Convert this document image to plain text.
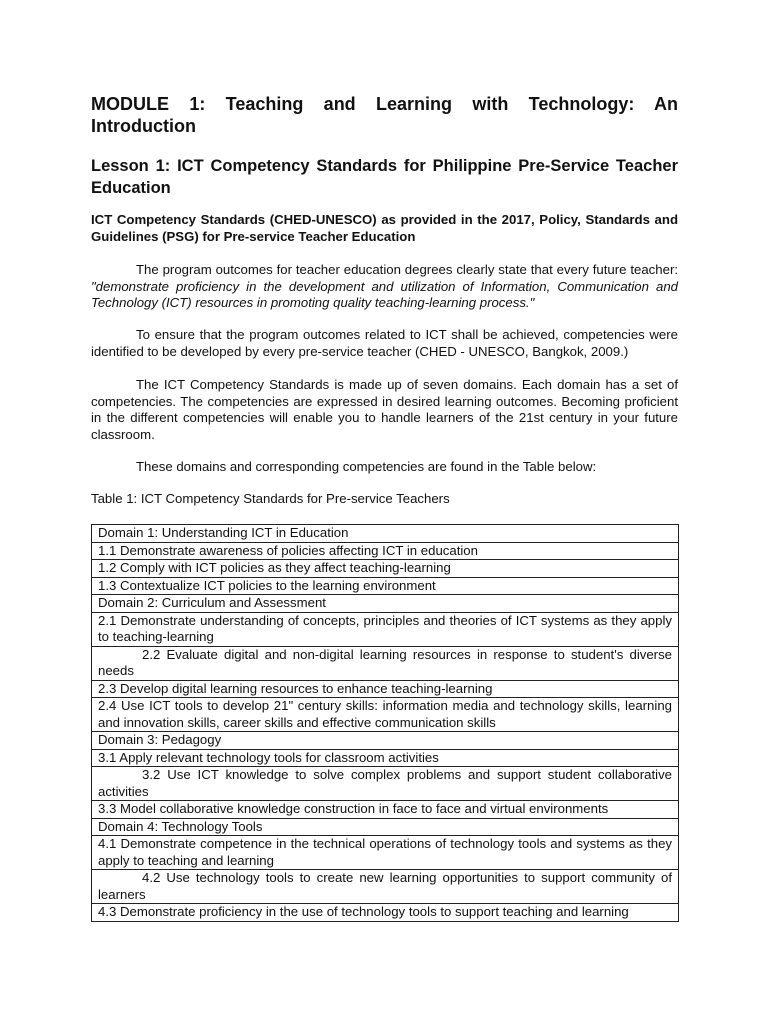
MODULE 1: Teaching and Learning with Technology: An Introduction
Lesson 1: ICT Competency Standards for Philippine Pre-Service Teacher Education
ICT Competency Standards (CHED-UNESCO) as provided in the 2017, Policy, Standards and Guidelines (PSG) for Pre-service Teacher Education
The program outcomes for teacher education degrees clearly state that every future teacher: "demonstrate proficiency in the development and utilization of Information, Communication and Technology (ICT) resources in promoting quality teaching-learning process."
To ensure that the program outcomes related to ICT shall be achieved, competencies were identified to be developed by every pre-service teacher (CHED - UNESCO, Bangkok, 2009.)
The ICT Competency Standards is made up of seven domains. Each domain has a set of competencies. The competencies are expressed in desired learning outcomes. Becoming proficient in the different competencies will enable you to handle learners of the 21st century in your future classroom.
These domains and corresponding competencies are found in the Table below:
Table 1: ICT Competency Standards for Pre-service Teachers
Domain 1: Understanding ICT in Education

1.1 Demonstrate awareness of policies affecting ICT in education

1.2 Comply with ICT policies as they affect teaching-learning

1.3 Contextualize ICT policies to the learning environment

Domain 2: Curriculum and Assessment

2.1 Demonstrate understanding of concepts, principles and theories of ICT systems as they apply to teaching-learning

2.2 Evaluate digital and non-digital learning resources in response to student's diverse needs

2.3 Develop digital learning resources to enhance teaching-learning

2.4 Use ICT tools to develop 21" century skills: information media and technology skills, learning and innovation skills, career skills and effective communication skills

Domain 3: Pedagogy

3.1 Apply relevant technology tools for classroom activities

3.2 Use ICT knowledge to solve complex problems and support student collaborative activities

3.3 Model collaborative knowledge construction in face to face and virtual environments

Domain 4: Technology Tools

4.1 Demonstrate competence in the technical operations of technology tools and systems as they apply to teaching and learning

4.2 Use technology tools to create new learning opportunities to support community of learners

4.3 Demonstrate proficiency in the use of technology tools to support teaching and learning
